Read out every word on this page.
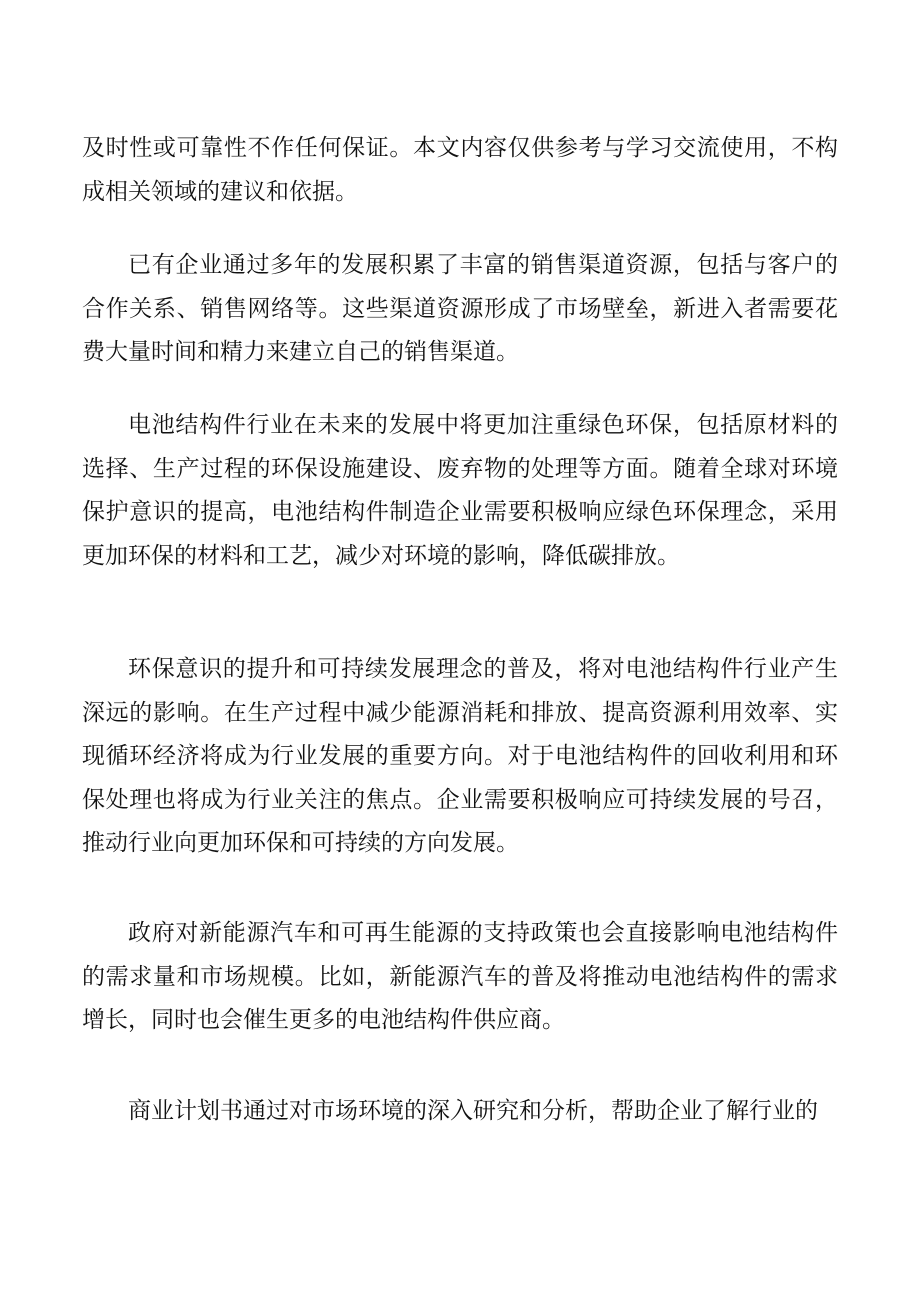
及时性或可靠性不作任何保证。本文内容仅供参考与学习交流使用，不构成相关领域的建议和依据。

已有企业通过多年的发展积累了丰富的销售渠道资源，包括与客户的合作关系、销售网络等。这些渠道资源形成了市场壁垒，新进入者需要花费大量时间和精力来建立自己的销售渠道。

电池结构件行业在未来的发展中将更加注重绿色环保，包括原材料的选择、生产过程的环保设施建设、废弃物的处理等方面。随着全球对环境保护意识的提高，电池结构件制造企业需要积极响应绿色环保理念，采用更加环保的材料和工艺，减少对环境的影响，降低碳排放。

环保意识的提升和可持续发展理念的普及，将对电池结构件行业产生深远的影响。在生产过程中减少能源消耗和排放、提高资源利用效率、实现循环经济将成为行业发展的重要方向。对于电池结构件的回收利用和环保处理也将成为行业关注的焦点。企业需要积极响应可持续发展的号召，推动行业向更加环保和可持续的方向发展。

政府对新能源汽车和可再生能源的支持政策也会直接影响电池结构件的需求量和市场规模。比如，新能源汽车的普及将推动电池结构件的需求增长，同时也会催生更多的电池结构件供应商。

商业计划书通过对市场环境的深入研究和分析，帮助企业了解行业的
